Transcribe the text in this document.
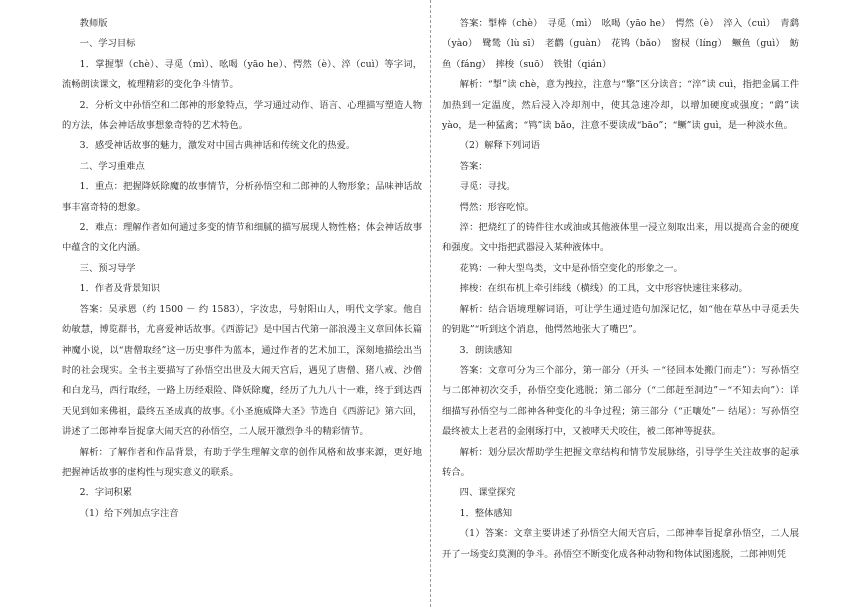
教师版

一、学习目标

1．掌握掣（chè）、寻觅（mì）、吆喝（yāo he）、愕然（è）、淬（cuì）等字词，流畅朗读课文，梳理精彩的变化争斗情节。

2．分析文中孙悟空和二郎神的形象特点，学习通过动作、语言、心理描写塑造人物的方法，体会神话故事想象奇特的艺术特色。

3．感受神话故事的魅力，激发对中国古典神话和传统文化的热爱。

二、学习重难点

1．重点：把握降妖除魔的故事情节，分析孙悟空和二郎神的人物形象；品味神话故事丰富奇特的想象。

2．难点：理解作者如何通过多变的情节和细腻的描写展现人物性格；体会神话故事中蕴含的文化内涵。

三、预习导学

1．作者及背景知识

答案：吴承恩（约 1500 － 约 1583），字汝忠，号射阳山人，明代文学家。他自幼敏慧，博览群书，尤喜爱神话故事。《西游记》是中国古代第一部浪漫主义章回体长篇神魔小说，以“唐僧取经”这一历史事件为蓝本，通过作者的艺术加工，深刻地描绘出当时的社会现实。全书主要描写了孙悟空出世及大闹天宫后，遇见了唐僧、猪八戒、沙僧和白龙马，西行取经，一路上历经艰险、降妖除魔，经历了九九八十一难，终于到达西天见到如来佛祖，最终五圣成真的故事。《小圣施威降大圣》节选自《西游记》第六回，讲述了二郎神奉旨捉拿大闹天宫的孙悟空，二人展开激烈争斗的精彩情节。

解析：了解作者和作品背景，有助于学生理解文章的创作风格和故事来源，更好地把握神话故事的虚构性与现实意义的联系。

2．字词积累

（1）给下列加点字注音

答案：掣棒（chè）　寻觅（mì）　吆喝（yāo he）　愕然（è）　淬入（cuì）　青鹞（yào）　鹭鸶（lù sī）　老鹳（guàn）　花鸨（bǎo）　窗棂（líng）　鳜鱼（guì）　鲂鱼（fáng）　摔梭（suō）　铁钳（qián）

解析：“掣”读 chè，意为拽拉，注意与“擎”区分读音；“淬”读 cuì，指把金属工件加热到一定温度，然后浸入冷却剂中，使其急速冷却，以增加硬度或强度；“鹞”读 yào，是一种猛禽；“鸨”读 bǎo，注意不要读成“bāo”；“鳜”读 guì，是一种淡水鱼。

（2）解释下列词语

答案：

寻觅：寻找。

愕然：形容吃惊。

淬：把烧红了的铸件往水或油或其他液体里一浸立刻取出来，用以提高合金的硬度和强度。文中指把武器浸入某种液体中。

花鸨：一种大型鸟类，文中是孙悟空变化的形象之一。

摔梭：在织布机上牵引纬线（横线）的工具，文中形容快速往来移动。

解析：结合语境理解词语，可让学生通过造句加深记忆，如“他在草丛中寻觅丢失的钥匙”“听到这个消息，他愕然地张大了嘴巴”。

3．朗读感知

答案：文章可分为三个部分，第一部分（开头 －“径回本处搬门而走”）：写孙悟空与二郎神初次交手，孙悟空变化逃脱；第二部分（“二郎赶至洞边”－“不知去向”）：详细描写孙悟空与二郎神各种变化的斗争过程；第三部分（“正嚷处”－ 结尾）：写孙悟空最终被太上老君的金刚琢打中，又被哮天犬咬住，被二郎神等捉获。

解析：划分层次帮助学生把握文章结构和情节发展脉络，引导学生关注故事的起承转合。

四、课堂探究

1．整体感知

（1）答案：文章主要讲述了孙悟空大闹天宫后，二郎神奉旨捉拿孙悟空，二人展开了一场变幻莫测的争斗。孙悟空不断变化成各种动物和物体试图逃脱，二郎神则凭
